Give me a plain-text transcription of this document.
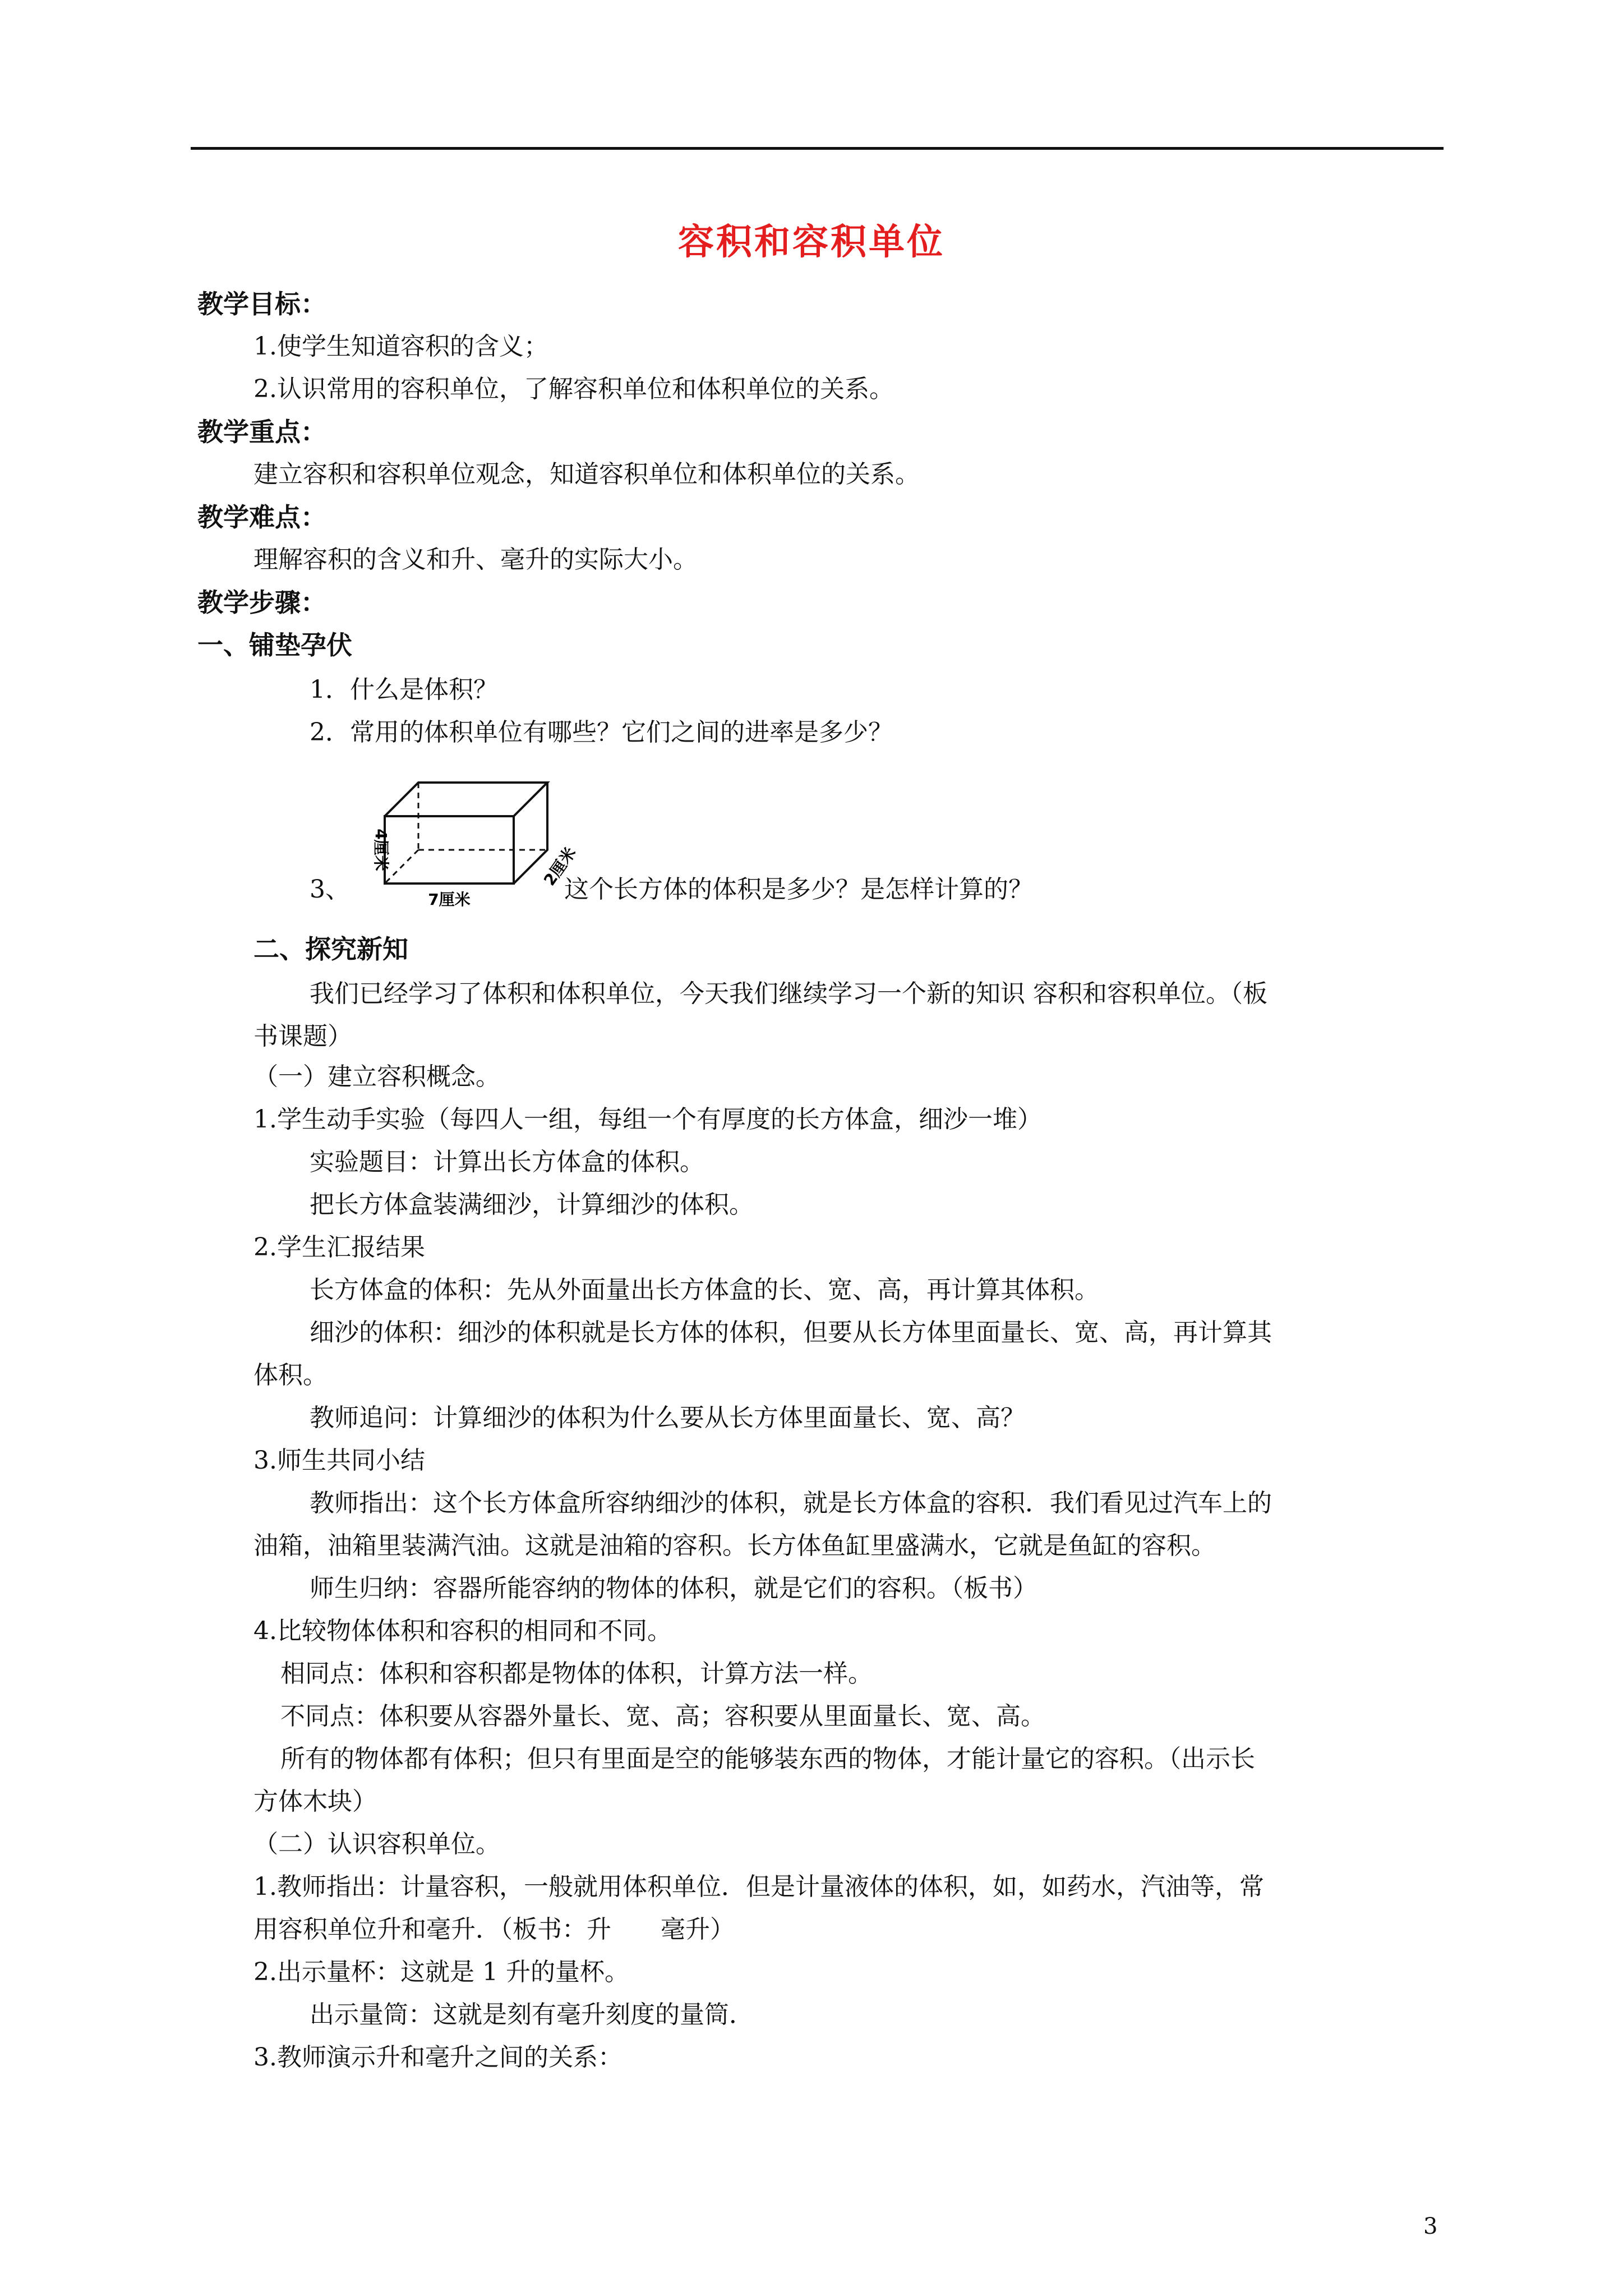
容积和容积单位
教学目标：
1.使学生知道容积的含义；
2.认识常用的容积单位，了解容积单位和体积单位的关系。
教学重点：
建立容积和容积单位观念，知道容积单位和体积单位的关系。
教学难点：
理解容积的含义和升、毫升的实际大小。
教学步骤：
一、铺垫孕伏
1．什么是体积？
2．常用的体积单位有哪些？它们之间的进率是多少？
4厘米
7厘米
2厘米
3、	这个长方体的体积是多少？是怎样计算的？
二、探究新知
我们已经学习了体积和体积单位，今天我们继续学习一个新的知识 容积和容积单位。（板
书课题）
（一）建立容积概念。
1.学生动手实验（每四人一组，每组一个有厚度的长方体盒，细沙一堆）
实验题目：计算出长方体盒的体积。
把长方体盒装满细沙，计算细沙的体积。
2.学生汇报结果
长方体盒的体积：先从外面量出长方体盒的长、宽、高，再计算其体积。
细沙的体积：细沙的体积就是长方体的体积，但要从长方体里面量长、宽、高，再计算其
体积。
教师追问：计算细沙的体积为什么要从长方体里面量长、宽、高？
3.师生共同小结
教师指出：这个长方体盒所容纳细沙的体积，就是长方体盒的容积．我们看见过汽车上的
油箱，油箱里装满汽油。这就是油箱的容积。长方体鱼缸里盛满水，它就是鱼缸的容积。
师生归纳：容器所能容纳的物体的体积，就是它们的容积。（板书）
4.比较物体体积和容积的相同和不同。
相同点：体积和容积都是物体的体积，计算方法一样。
不同点：体积要从容器外量长、宽、高；容积要从里面量长、宽、高。
所有的物体都有体积；但只有里面是空的能够装东西的物体，才能计量它的容积。（出示长
方体木块）
（二）认识容积单位。
1.教师指出：计量容积，一般就用体积单位．但是计量液体的体积，如，如药水，汽油等，常
用容积单位升和毫升．（板书：升　　毫升）
2.出示量杯：这就是 1 升的量杯。
出示量筒：这就是刻有毫升刻度的量筒．
3.教师演示升和毫升之间的关系：
3
